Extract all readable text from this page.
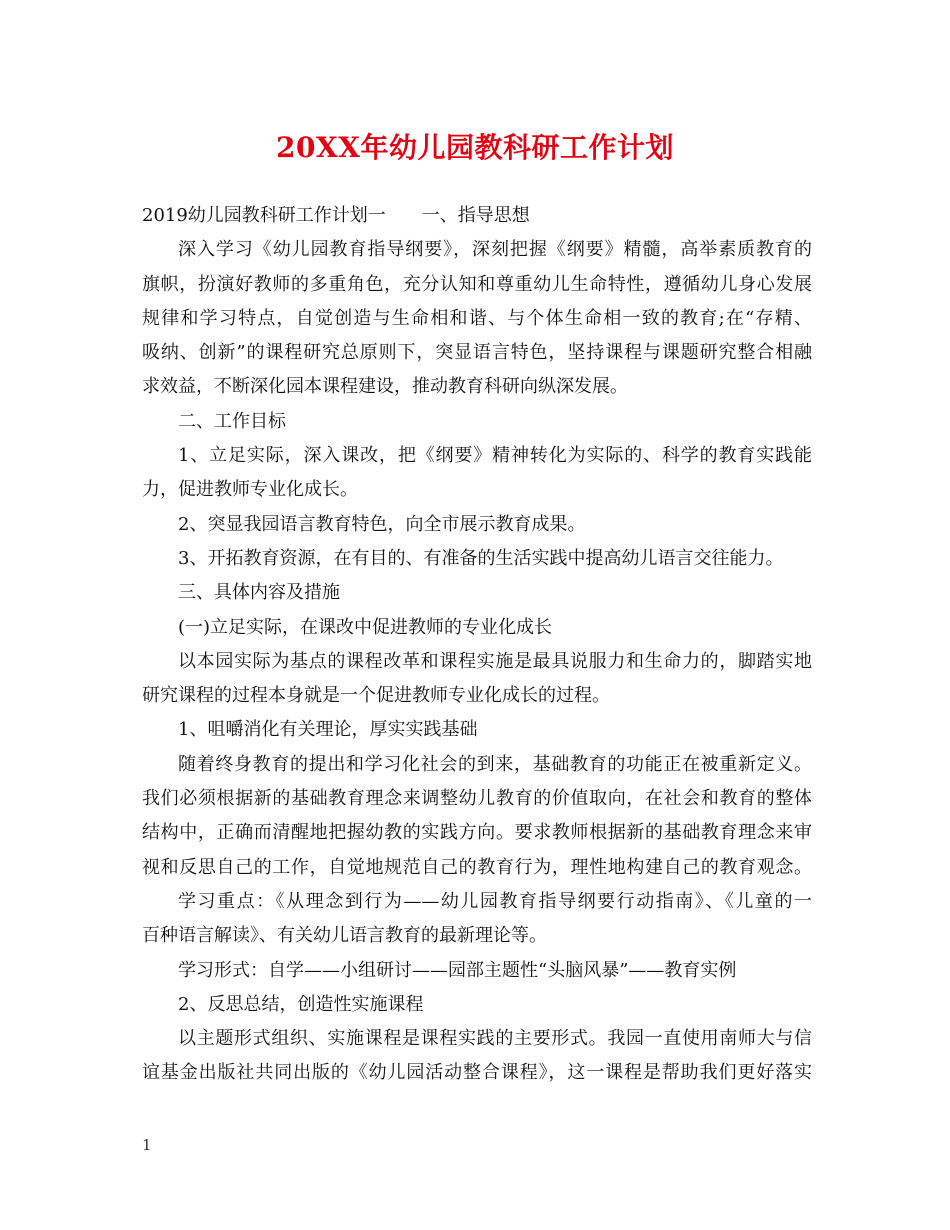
20XX年幼儿园教科研工作计划
2019幼儿园教科研工作计划一　　一、指导思想
深入学习《幼儿园教育指导纲要》，深刻把握《纲要》精髓，高举素质教育的
旗帜，扮演好教师的多重角色，充分认知和尊重幼儿生命特性，遵循幼儿身心发展
规律和学习特点，自觉创造与生命相和谐、与个体生命相一致的教育;在“存精、
吸纳、创新”的课程研究总原则下，突显语言特色，坚持课程与课题研究整合相融
求效益，不断深化园本课程建设，推动教育科研向纵深发展。
二、工作目标
1、立足实际，深入课改，把《纲要》精神转化为实际的、科学的教育实践能
力，促进教师专业化成长。
2、突显我园语言教育特色，向全市展示教育成果。
3、开拓教育资源，在有目的、有准备的生活实践中提高幼儿语言交往能力。
三、具体内容及措施
(一)立足实际，在课改中促进教师的专业化成长
以本园实际为基点的课程改革和课程实施是最具说服力和生命力的，脚踏实地
研究课程的过程本身就是一个促进教师专业化成长的过程。
1、咀嚼消化有关理论，厚实实践基础
随着终身教育的提出和学习化社会的到来，基础教育的功能正在被重新定义。
我们必须根据新的基础教育理念来调整幼儿教育的价值取向，在社会和教育的整体
结构中，正确而清醒地把握幼教的实践方向。要求教师根据新的基础教育理念来审
视和反思自己的工作，自觉地规范自己的教育行为，理性地构建自己的教育观念。
学习重点：《从理念到行为——幼儿园教育指导纲要行动指南》、《儿童的一
百种语言解读》、有关幼儿语言教育的最新理论等。
学习形式：自学——小组研讨——园部主题性“头脑风暴”——教育实例
2、反思总结，创造性实施课程
以主题形式组织、实施课程是课程实践的主要形式。我园一直使用南师大与信
谊基金出版社共同出版的《幼儿园活动整合课程》，这一课程是帮助我们更好落实
1
